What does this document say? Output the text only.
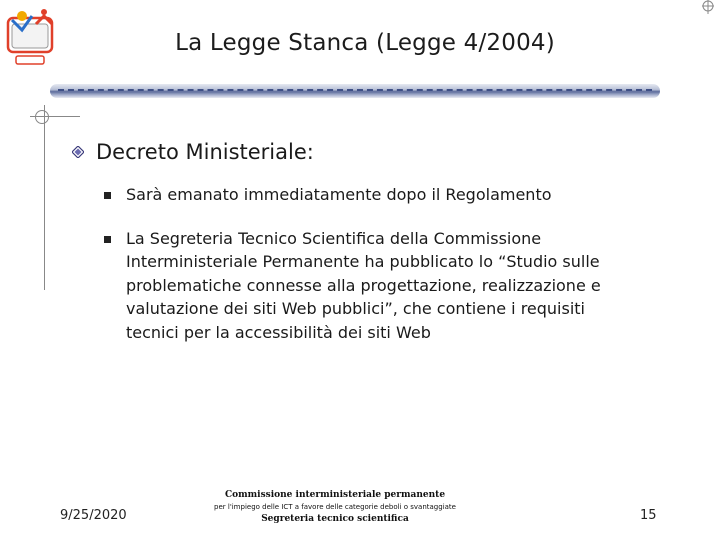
La Legge Stanca (Legge 4/2004)
Decreto Ministeriale:
Sarà emanato immediatamente dopo il Regolamento
La Segreteria Tecnico Scientifica della Commissione Interministeriale Permanente ha pubblicato lo “Studio sulle problematiche connesse alla progettazione, realizzazione e valutazione dei siti Web pubblici”, che contiene i requisiti tecnici per la accessibilità dei siti Web
9/25/2020
Commissione interministeriale permanente
per l'impiego delle ICT a favore delle categorie deboli o svantaggiate
Segreteria tecnico scientifica	15
